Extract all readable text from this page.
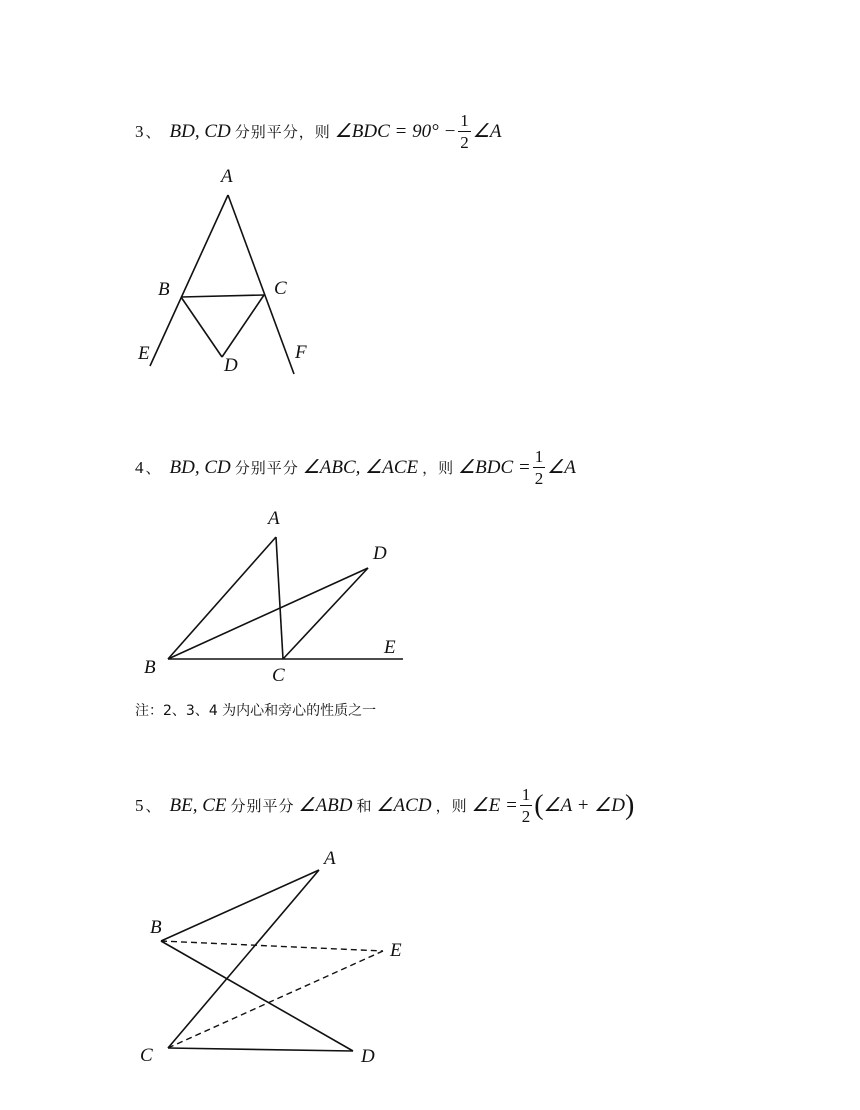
3 、 BD, CD 分别平分，则 ∠BDC = $90^\circ - \frac{1}{2}$ ∠A
A
B	C
D
E	F
4 、 BD, CD 分别平分 ∠ABC, ∠ACE ，则 ∠BDC = $\frac{1}{2}$ ∠A
A
B	C
D
E
注：2、3、4 为内心和旁心的性质之一
5 、 BE, CE 分别平分 ∠ABD 和 ∠ACD ，则 ∠E = $\frac{1}{2}$ ( ∠A + ∠D )
A
B
C	D
E
